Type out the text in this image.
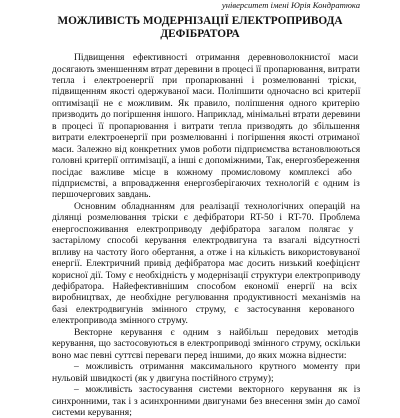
університет імені Юрія Кондратюка
МОЖЛИВІСТЬ МОДЕРНІЗАЦІЇ ЕЛЕКТРОПРИВОДА
ДЕФІБРАТОРА
Підвищення ефективності отримання деревноволокнистої маси
досягають зменшенням втрат деревини в процесі її пропарювання, витрати
тепла і електроенергії при пропарюванні і розмелюванні тріски,
підвищенням якості одержуваної маси. Поліпшити одночасно всі критерії
оптимізації не є можливим. Як правило, поліпшення одного критерію
призводить до погіршення іншого. Наприклад, мінімальні втрати деревини
в процесі її пропарювання і витрати тепла призводять до збільшення
витрати електроенергії при розмелюванні і погіршення якості отриманої
маси. Залежно від конкретних умов роботи підприємства встановлюються
головні критерії оптимізації, а інші є допоміжними, Так, енергозбереження
посідає важливе місце в кожному промисловому комплексі або
підприємстві, а впровадження енергозберігаючих технологій є одним із
першочергових завдань.
Основним обладнанням для реалізації технологічних операцій на
ділянці розмелювання тріски є дефібратори RT-50 і RT-70. Проблема
енергоспоживання електроприводу дефібратора загалом полягає у
застарілому способі керування електродвигуна та взагалі відсутності
впливу на частоту його обертання, а отже і на кількість використовуваної
енергії. Електричний привід дефібратора має досить низький коефіцієнт
корисної дії. Тому є необхідність у модернізації структури електроприводу
дефібратора. Найефективнішим способом економії енергії на всіх
виробництвах, де необхідне регулювання продуктивності механізмів на
базі електродвигунів змінного струму, є застосування керованого
електропривода змінного струму.
Векторне керування є одним з найбільш передових методів
керування, що застосовуються в електроприводі змінного струму, оскільки
воно має певні суттєві переваги перед іншими, до яких можна віднести:
– можливість отримання максимального крутного моменту при
нульовій швидкості (як у двигуна постійного струму);
– можливість застосування системи векторного керування як із
синхронними, так і з асинхронними двигунами без внесення змін до самої
системи керування;
